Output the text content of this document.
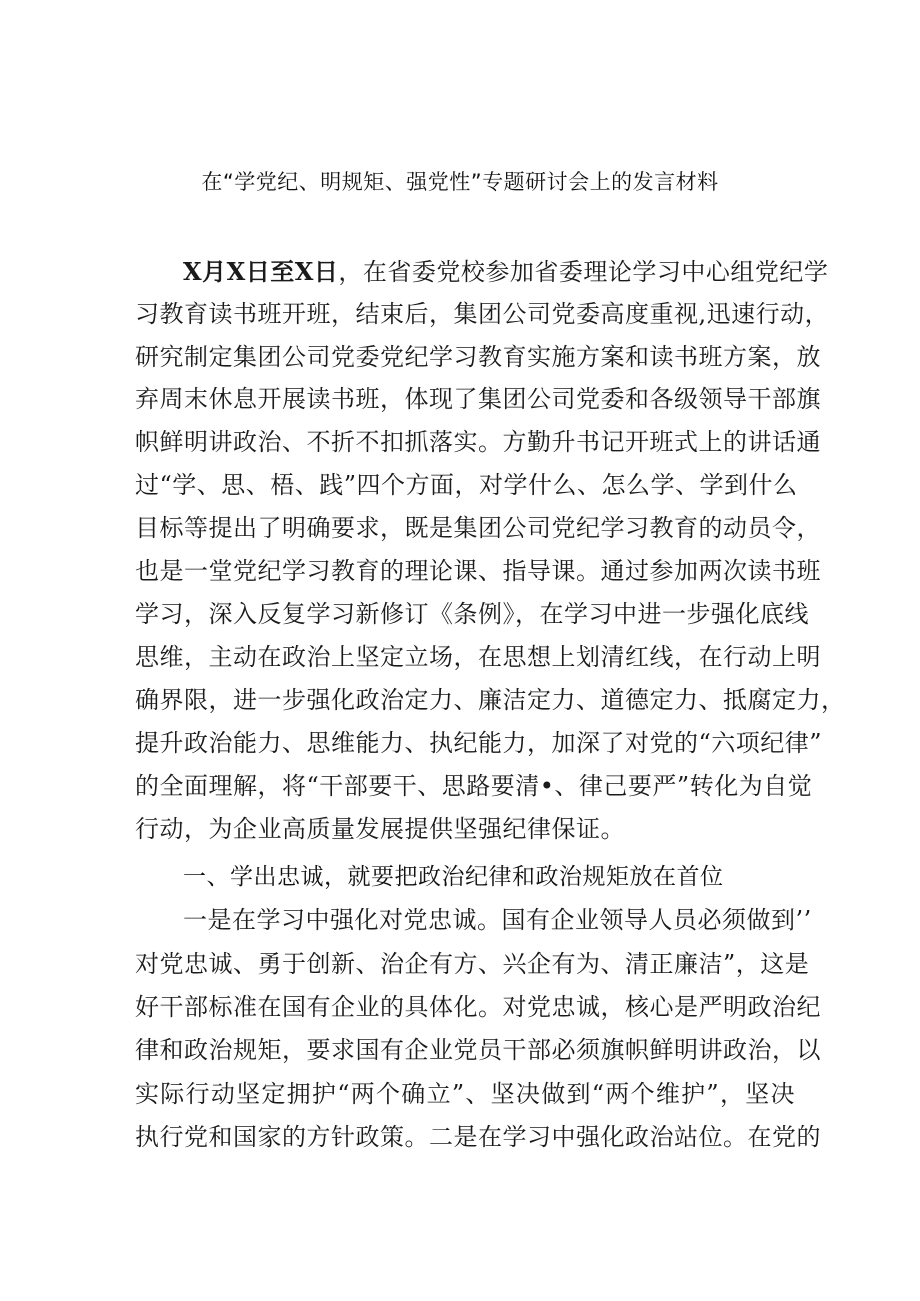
在“学党纪、明规矩、强党性”专题研讨会上的发言材料
X月X日至X日，在省委党校参加省委理论学习中心组党纪学
习教育读书班开班，结束后，集团公司党委高度重视,迅速行动，
研究制定集团公司党委党纪学习教育实施方案和读书班方案，放
弃周末休息开展读书班，体现了集团公司党委和各级领导干部旗
帜鲜明讲政治、不折不扣抓落实。方勤升书记开班式上的讲话通
过“学、思、梧、践”四个方面，对学什么、怎么学、学到什么
目标等提出了明确要求，既是集团公司党纪学习教育的动员令，
也是一堂党纪学习教育的理论课、指导课。通过参加两次读书班
学习，深入反复学习新修订《条例》，在学习中进一步强化底线
思维，主动在政治上坚定立场，在思想上划清红线，在行动上明
确界限，进一步强化政治定力、廉洁定力、道德定力、抵腐定力，
提升政治能力、思维能力、执纪能力，加深了对党的“六项纪律”
的全面理解，将“干部要干、思路要清•、律己要严”转化为自觉
行动，为企业高质量发展提供坚强纪律保证。
一、学出忠诚，就要把政治纪律和政治规矩放在首位
一是在学习中强化对党忠诚。国有企业领导人员必须做到’’
对党忠诚、勇于创新、治企有方、兴企有为、清正廉洁”，这是
好干部标准在国有企业的具体化。对党忠诚，核心是严明政治纪
律和政治规矩，要求国有企业党员干部必须旗帜鲜明讲政治，以
实际行动坚定拥护“两个确立”、坚决做到“两个维护”，坚决
执行党和国家的方针政策。二是在学习中强化政治站位。在党的
